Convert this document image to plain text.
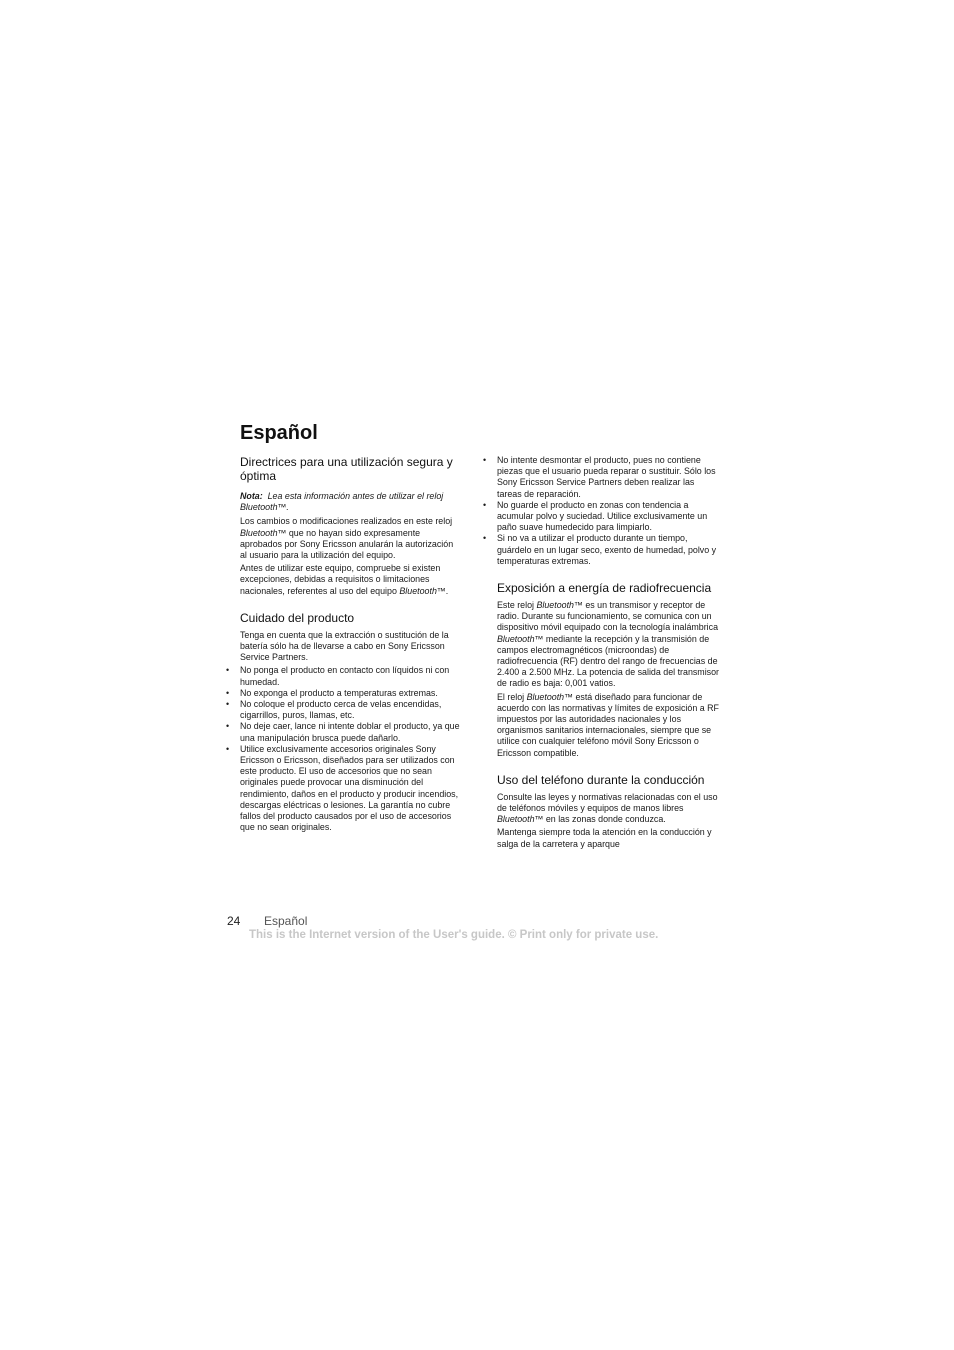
Español
Directrices para una utilización segura y óptima

Nota: Lea esta información antes de utilizar el reloj Bluetooth™.

Los cambios o modificaciones realizados en este reloj Bluetooth™ que no hayan sido expresamente aprobados por Sony Ericsson anularán la autorización al usuario para la utilización del equipo.

Antes de utilizar este equipo, compruebe si existen excepciones, debidas a requisitos o limitaciones nacionales, referentes al uso del equipo Bluetooth™.

Cuidado del producto

Tenga en cuenta que la extracción o sustitución de la batería sólo ha de llevarse a cabo en Sony Ericsson Service Partners.

• No ponga el producto en contacto con líquidos ni con humedad.
• No exponga el producto a temperaturas extremas.
• No coloque el producto cerca de velas encendidas, cigarrillos, puros, llamas, etc.
• No deje caer, lance ni intente doblar el producto, ya que una manipulación brusca puede dañarlo.
• Utilice exclusivamente accesorios originales Sony Ericsson o Ericsson, diseñados para ser utilizados con este producto. El uso de accesorios que no sean originales puede provocar una disminución del rendimiento, daños en el producto y producir incendios, descargas eléctricas o lesiones. La garantía no cubre fallos del producto causados por el uso de accesorios que no sean originales.
• No intente desmontar el producto, pues no contiene piezas que el usuario pueda reparar o sustituir. Sólo los Sony Ericsson Service Partners deben realizar las tareas de reparación.
• No guarde el producto en zonas con tendencia a acumular polvo y suciedad. Utilice exclusivamente un paño suave humedecido para limpiarlo.
• Si no va a utilizar el producto durante un tiempo, guárdelo en un lugar seco, exento de humedad, polvo y temperaturas extremas.
Exposición a energía de radiofrecuencia

Este reloj Bluetooth™ es un transmisor y receptor de radio. Durante su funcionamiento, se comunica con un dispositivo móvil equipado con la tecnología inalámbrica Bluetooth™ mediante la recepción y la transmisión de campos electromagnéticos (microondas) de radiofrecuencia (RF) dentro del rango de frecuencias de 2.400 a 2.500 MHz. La potencia de salida del transmisor de radio es baja: 0,001 vatios.

El reloj Bluetooth™ está diseñado para funcionar de acuerdo con las normativas y límites de exposición a RF impuestos por las autoridades nacionales y los organismos sanitarios internacionales, siempre que se utilice con cualquier teléfono móvil Sony Ericsson o Ericsson compatible.

Uso del teléfono durante la conducción

Consulte las leyes y normativas relacionadas con el uso de teléfonos móviles y equipos de manos libres Bluetooth™ en las zonas donde conduzca.

Mantenga siempre toda la atención en la conducción y salga de la carretera y aparque

24 Español
This is the Internet version of the User's guide. © Print only for private use.
